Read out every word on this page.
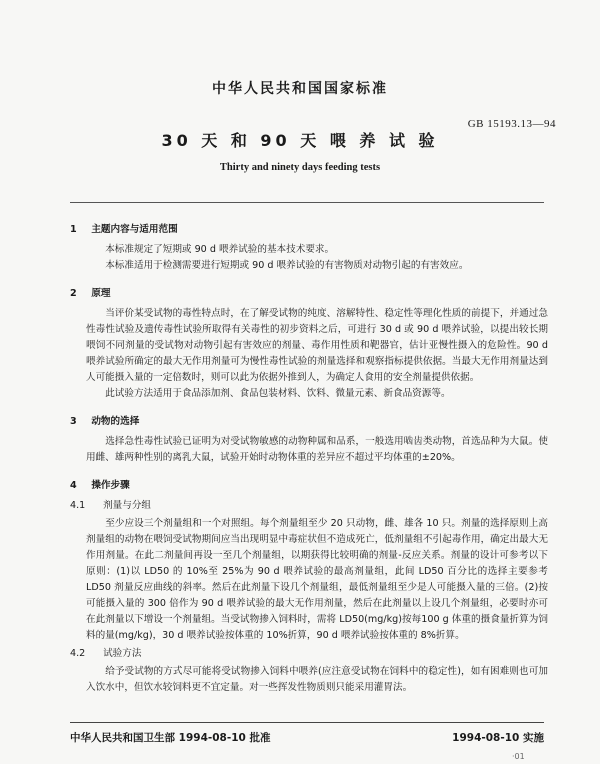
中华人民共和国国家标准
GB 15193.13—94
30 天 和 90 天 喂 养 试 验
Thirty and ninety days feeding tests
1 主题内容与适用范围

本标准规定了短期或 90 d 喂养试验的基本技术要求。

本标准适用于检测需要进行短期或 90 d 喂养试验的有害物质对动物引起的有害效应。

2 原理

当评价某受试物的毒性特点时，在了解受试物的纯度、溶解特性、稳定性等理化性质的前提下，并通过急性毒性试验及遗传毒性试验所取得有关毒性的初步资料之后，可进行 30 d 或 90 d 喂养试验，以提出较长期喂饲不同剂量的受试物对动物引起有害效应的剂量、毒作用性质和靶器官，估计亚慢性摄入的危险性。90 d 喂养试验所确定的最大无作用剂量可为慢性毒性试验的剂量选择和观察指标提供依据。当最大无作用剂量达到人可能摄入量的一定倍数时，则可以此为依据外推到人，为确定人食用的安全剂量提供依据。

此试验方法适用于食品添加剂、食品包装材料、饮料、微量元素、新食品资源等。

3 动物的选择

选择急性毒性试验已证明为对受试物敏感的动物种属和品系，一般选用啮齿类动物，首选品种为大鼠。使用雌、雄两种性别的离乳大鼠，试验开始时动物体重的差异应不超过平均体重的±20%。

4 操作步骤
4.1 剂量与分组

至少应设三个剂量组和一个对照组。每个剂量组至少 20 只动物，雌、雄各 10 只。剂量的选择原则上高剂量组的动物在喂饲受试物期间应当出现明显中毒症状但不造成死亡，低剂量组不引起毒作用，确定出最大无作用剂量。在此二剂量间再设一至几个剂量组，以期获得比较明确的剂量-反应关系。剂量的设计可参考以下原则：(1)以 LD50 的 10%至 25%为 90 d 喂养试验的最高剂量组，此间 LD50 百分比的选择主要参考 LD50 剂量反应曲线的斜率。然后在此剂量下设几个剂量组，最低剂量组至少是人可能摄入量的三倍。(2)按可能摄入量的 300 倍作为 90 d 喂养试验的最大无作用剂量，然后在此剂量以上设几个剂量组，必要时亦可在此剂量以下增设一个剂量组。当受试物掺入饲料时，需将 LD50(mg/kg)按每100 g 体重的摄食量折算为饲料的量(mg/kg)，30 d 喂养试验按体重的 10%折算，90 d 喂养试验按体重的 8%折算。

4.2 试验方法

给予受试物的方式尽可能将受试物掺入饲料中喂养(应注意受试物在饲料中的稳定性)，如有困难则也可加入饮水中，但饮水较饲料更不宜定量。对一些挥发性物质则只能采用灌胃法。

中华人民共和国卫生部 1994-08-10 批准	1994-08-10 实施
·01
